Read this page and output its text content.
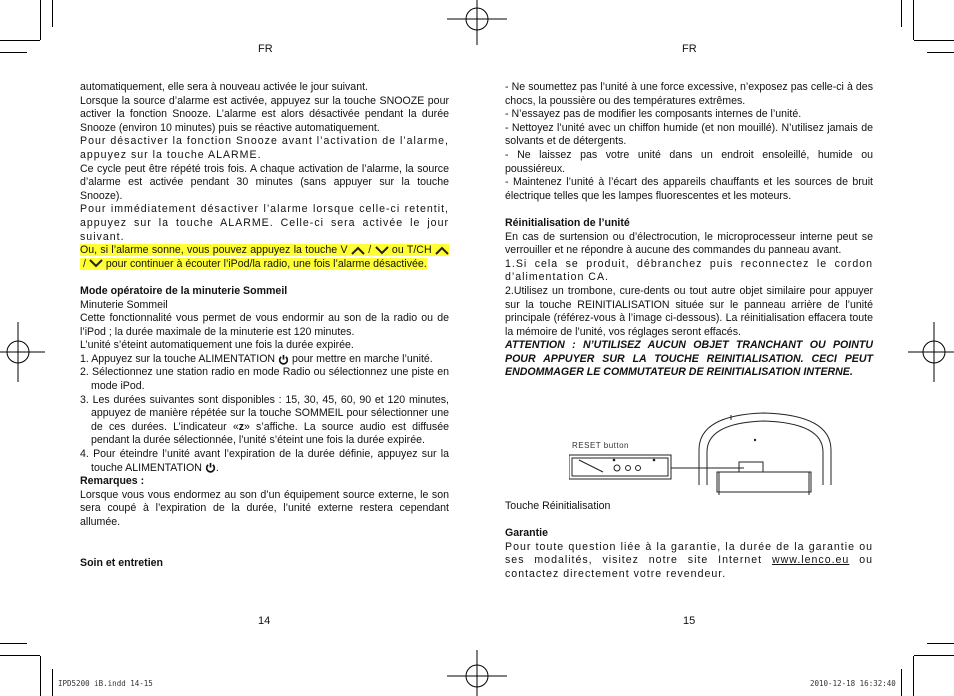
FR	FR

automatiquement, elle sera à nouveau activée le jour suivant.

Lorsque la source d’alarme est activée, appuyez sur la touche SNOOZE pour activer la fonction Snooze. L’alarme est alors désactivée pendant la durée Snooze (environ 10 minutes) puis se réactive automatiquement.

Pour désactiver la fonction Snooze avant l’activation de l’alarme, appuyez sur la touche ALARME.

Ce cycle peut être répété trois fois. A chaque activation de l’alarme, la source d’alarme est activée pendant 30 minutes (sans appuyer sur la touche Snooze).

Pour immédiatement désactiver l’alarme lorsque celle-ci retentit, appuyez sur la touche ALARME. Celle-ci sera activée le jour suivant.

Ou, si l’alarme sonne, vous pouvez appuyez la touche V / ou T/CH  / pour continuer à écouter l’iPod/la radio, une fois l’alarme désactivée.

Mode opératoire de la minuterie Sommeil

Minuterie Sommeil

Cette fonctionnalité vous permet de vous endormir au son de la radio ou de l’iPod ; la durée maximale de la minuterie est 120 minutes.

L’unité s’éteint automatiquement une fois la durée expirée.

1. Appuyez sur la touche ALIMENTATION pour mettre en marche l’unité.

2. Sélectionnez une station radio en mode Radio ou sélectionnez une piste en mode iPod.

3. Les durées suivantes sont disponibles : 15, 30, 45, 60, 90 et 120 minutes, appuyez de manière répétée sur la touche SOMMEIL pour sélectionner une de ces durées. L’indicateur «z» s’affiche. La source audio est diffusée pendant la durée sélectionnée, l’unité s’éteint une fois la durée expirée.

4. Pour éteindre l’unité avant l’expiration de la durée définie, appuyez sur la touche ALIMENTATION .

Remarques :

Lorsque vous vous endormez au son d’un équipement source externe, le son sera coupé à l’expiration de la durée, l’unité externe restera cependant allumée.

Soin et entretien

14

- Ne soumettez pas l’unité à une force excessive, n’exposez pas celle-ci à des chocs, la poussière ou des températures extrêmes.

- N’essayez pas de modifier les composants internes de l’unité.

- Nettoyez l’unité avec un chiffon humide (et non mouillé). N’utilisez jamais de solvants et de détergents.

- Ne laissez pas votre unité dans un endroit ensoleillé, humide ou poussiéreux.

- Maintenez l’unité à l’écart des appareils chauffants et les sources de bruit électrique telles que les lampes fluorescentes et les moteurs.

Réinitialisation de l’unité

En cas de surtension ou d’électrocution, le microprocesseur interne peut se verrouiller et ne répondre à aucune des commandes du panneau avant.

1.Si cela se produit, débranchez puis reconnectez le cordon d’alimentation CA.

2.Utilisez un trombone, cure-dents ou tout autre objet similaire pour appuyer sur la touche REINITIALISATION située sur le panneau arrière de l’unité principale (référez-vous à l’image ci-dessous). La réinitialisation effacera toute la mémoire de l’unité, vos réglages seront effacés.

ATTENTION : N’UTILISEZ AUCUN OBJET TRANCHANT OU POINTU POUR APPUYER SUR LA TOUCHE REINITIALISATION. CECI PEUT ENDOMMAGER LE COMMUTATEUR DE REINITIALISATION INTERNE.

RESET button

Touche Réinitialisation

Garantie

Pour toute question liée à la garantie, la durée de la garantie ou ses modalités, visitez notre site Internet www.lenco.eu ou contactez directement votre revendeur.

15
IPD5200 iB.indd 14-15	2010-12-18 16:32:40
